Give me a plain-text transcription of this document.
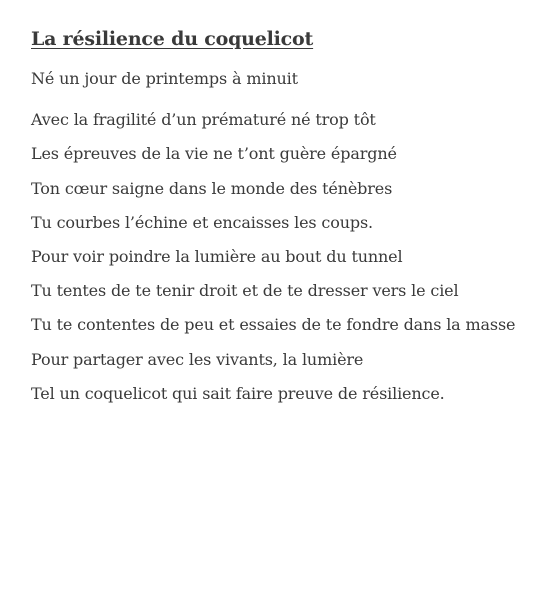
La résilience du coquelicot
Né un jour de printemps à minuit
Avec la fragilité d’un prématuré né trop tôt
Les épreuves de la vie ne t’ont guère épargné
Ton cœur saigne dans le monde des ténèbres
Tu courbes l’échine et encaisses les coups.
Pour voir poindre la lumière au bout du tunnel
Tu tentes de te tenir droit et de te dresser vers le ciel
Tu te contentes de peu et essaies de te fondre dans la masse
Pour partager avec les vivants, la lumière
Tel un coquelicot qui sait faire preuve de résilience.
